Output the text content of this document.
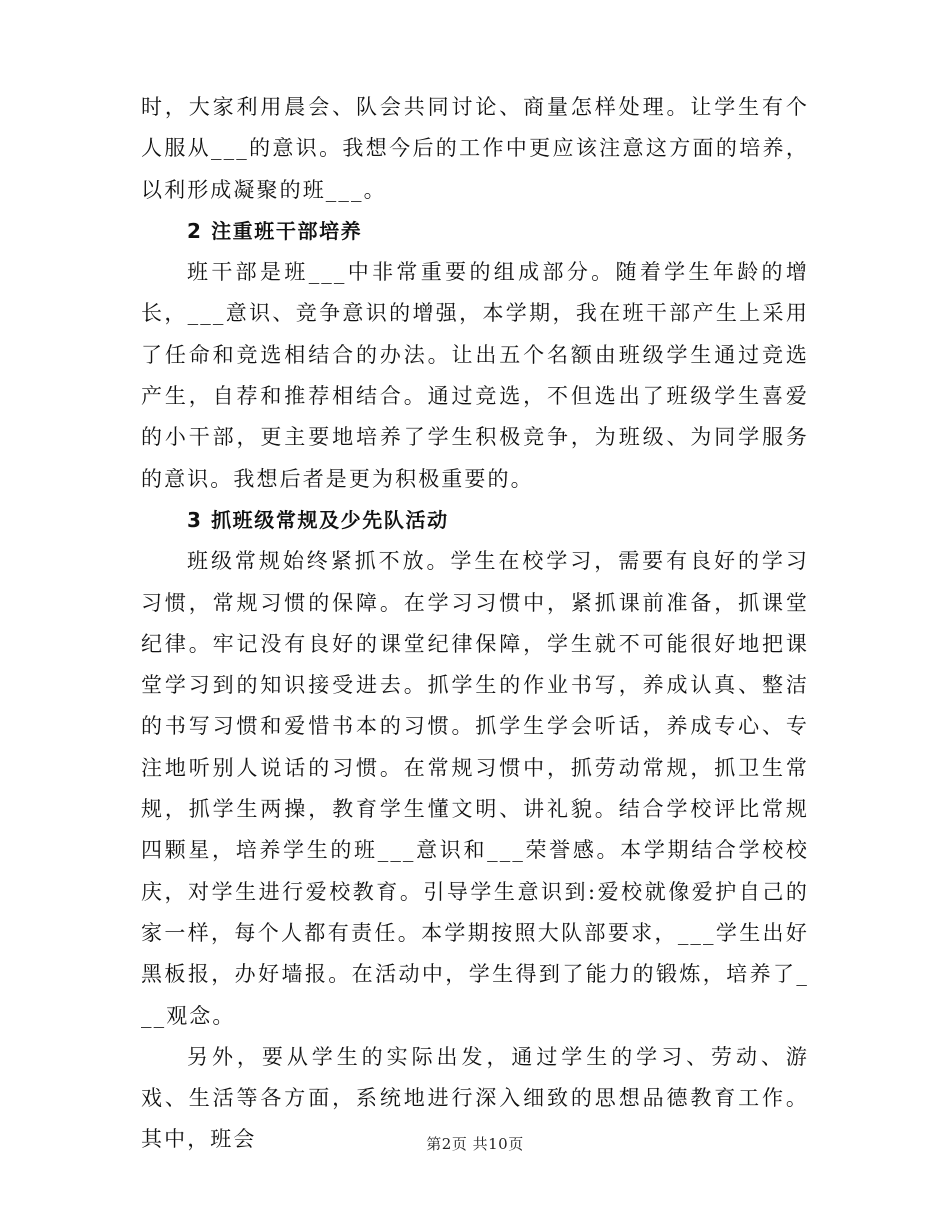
时，大家利用晨会、队会共同讨论、商量怎样处理。让学生有个人服从___的意识。我想今后的工作中更应该注意这方面的培养，以利形成凝聚的班___。

2 注重班干部培养

班干部是班___中非常重要的组成部分。随着学生年龄的增长，___意识、竞争意识的增强，本学期，我在班干部产生上采用了任命和竞选相结合的办法。让出五个名额由班级学生通过竞选产生，自荐和推荐相结合。通过竞选，不但选出了班级学生喜爱的小干部，更主要地培养了学生积极竞争，为班级、为同学服务的意识。我想后者是更为积极重要的。

3 抓班级常规及少先队活动

班级常规始终紧抓不放。学生在校学习，需要有良好的学习习惯，常规习惯的保障。在学习习惯中，紧抓课前准备，抓课堂纪律。牢记没有良好的课堂纪律保障，学生就不可能很好地把课堂学习到的知识接受进去。抓学生的作业书写，养成认真、整洁的书写习惯和爱惜书本的习惯。抓学生学会听话，养成专心、专注地听别人说话的习惯。在常规习惯中，抓劳动常规，抓卫生常规，抓学生两操，教育学生懂文明、讲礼貌。结合学校评比常规四颗星，培养学生的班___意识和___荣誉感。本学期结合学校校庆，对学生进行爱校教育。引导学生意识到:爱校就像爱护自己的家一样，每个人都有责任。本学期按照大队部要求，___学生出好黑板报，办好墙报。在活动中，学生得到了能力的锻炼，培养了___观念。

另外，要从学生的实际出发，通过学生的学习、劳动、游戏、生活等各方面，系统地进行深入细致的思想品德教育工作。其中，班会	第2页 共10页
